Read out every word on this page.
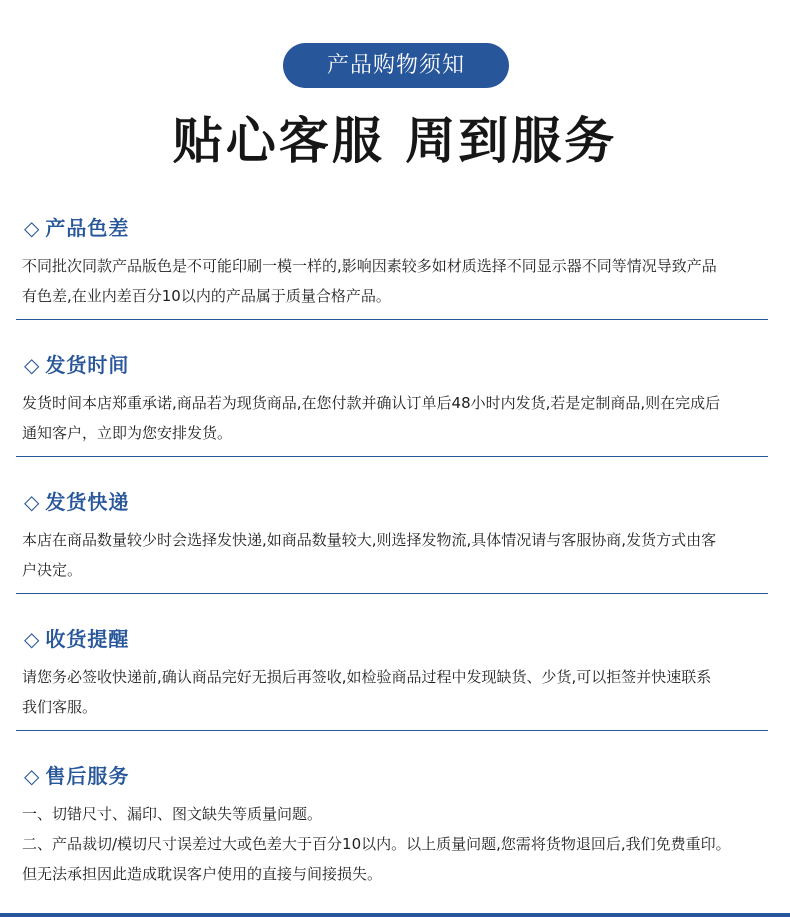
产品购物须知
贴心客服 周到服务
◇ 产品色差
不同批次同款产品版色是不可能印刷一模一样的,影响因素较多如材质选择不同显示器不同等情况导致产品
有色差,在业内差百分10以内的产品属于质量合格产品。
◇ 发货时间
发货时间本店郑重承诺,商品若为现货商品,在您付款并确认订单后48小时内发货,若是定制商品,则在完成后
通知客户，立即为您安排发货。
◇ 发货快递
本店在商品数量较少时会选择发快递,如商品数量较大,则选择发物流,具体情况请与客服协商,发货方式由客
户决定。
◇ 收货提醒
请您务必签收快递前,确认商品完好无损后再签收,如检验商品过程中发现缺货、少货,可以拒签并快速联系
我们客服。
◇ 售后服务
一、切错尺寸、漏印、图文缺失等质量问题。
二、产品裁切/模切尺寸误差过大或色差大于百分10以内。以上质量问题,您需将货物退回后,我们免费重印。
但无法承担因此造成耽误客户使用的直接与间接损失。
